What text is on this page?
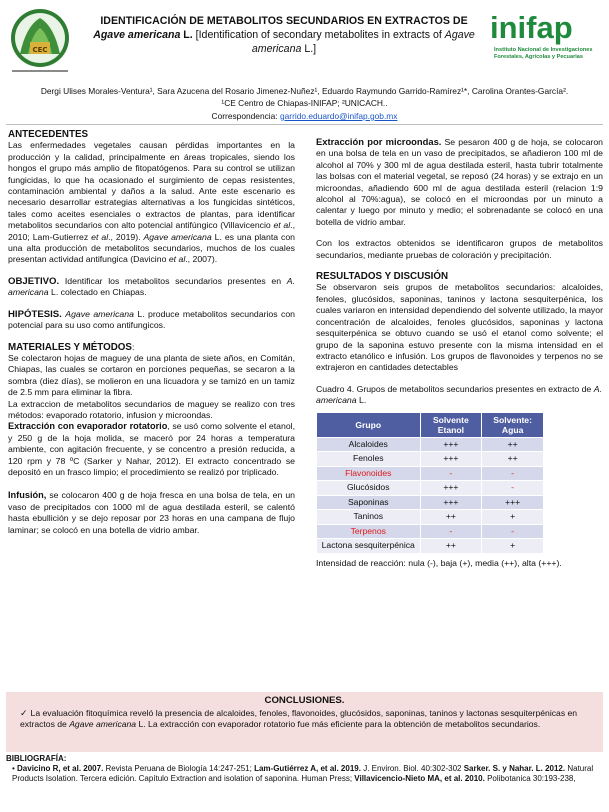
CEC
inifap
Instituto Nacional de Investigaciones
Forestales, Agrícolas y Pecuarias
IDENTIFICACIÓN DE METABOLITOS SECUNDARIOS EN EXTRACTOS DE Agave americana L. [Identification of secondary metabolites in extracts of Agave americana L.]
Dergi Ulises Morales-Ventura¹, Sara Azucena del Rosario Jimenez-Nuñez¹, Eduardo Raymundo Garrido-Ramírez¹*, Carolina Orantes-García².
¹CE Centro de Chiapas-INIFAP; ²UNICACH..
Correspondencia: garrido.eduardo@inifap.gob.mx
ANTECEDENTES
Las enfermedades vegetales causan pérdidas importantes en la producción y la calidad, principalmente en áreas tropicales, siendo los hongos el grupo más amplio de fitopatógenos. Para su control se utilizan fungicidas, lo que ha ocasionado el surgimiento de cepas resistentes, contaminación ambiental y daños a la salud. Ante este escenario es necesario desarrollar estrategias alternativas a los fungicidas sintéticos, tales como aceites esenciales o extractos de plantas, para identificar metabolitos secundarios con alto potencial antifúngico (Villavicencio et al., 2010; Lam-Gutierrez et al., 2019). Agave americana L. es una planta con una alta producción de metabolitos secundarios, muchos de los cuales presentan actividad antifungica (Davicino et al., 2007).
OBJETIVO. Identificar los metabolitos secundarios presentes en A. americana L. colectado en Chiapas.
HIPÓTESIS. Agave americana L. produce metabolitos secundarios con potencial para su uso como antifungicos.
MATERIALES Y MÉTODOS:
Se colectaron hojas de maguey de una planta de siete años, en Comitán, Chiapas, las cuales se cortaron en porciones pequeñas, se secaron a la sombra (diez días), se molieron en una licuadora y se tamizó en un tamiz de 2.5 mm para eliminar la fibra.
La extraccion de metabolitos secundarios de maguey se realizo con tres métodos: evaporado rotatorio, infusion y microondas.
Extracción con evaporador rotatorio, se usó como solvente el etanol, y 250 g de la hoja molida, se maceró por 24 horas a temperatura ambiente, con agitación frecuente, y se concentro a presión reducida, a 120 rpm y 78 ºC (Sarker y Nahar, 2012). El extracto concentrado se depositó en un frasco limpio; el procedimiento se realizó por triplicado.
Infusión, se colocaron 400 g de hoja fresca en una bolsa de tela, en un vaso de precipitados con 1000 ml de agua destilada esteril, se calentó hasta ebullición y se dejo reposar por 23 horas en una campana de flujo laminar; se colocó en una botella de vidrio ambar.
Extracción por microondas. Se pesaron 400 g de hoja, se colocaron en una bolsa de tela en un vaso de precipitados, se añadieron 100 ml de alcohol al 70% y 300 ml de agua destilada esteril, hasta tubrir totalmente las bolsas con el material vegetal, se reposó (24 horas) y se extrajo en un microondas, añadiendo 600 ml de agua destilada esteril (relacion 1:9 alcohol al 70%:agua), se colocó en el microondas por un minuto a calentar y luego por minuto y medio; el sobrenadante se colocó en una botella de vidrio ambar.
Con los extractos obtenidos se identificaron grupos de metabolitos secundarios, mediante pruebas de coloración y precipitación.
RESULTADOS Y DISCUSIÓN
Se observaron seis grupos de metabolitos secundarios: alcaloides, fenoles, glucósidos, saponinas, taninos y lactona sesquiterpénica, los cuales variaron en intensidad dependiendo del solvente utilizado, la mayor concentración de alcaloides, fenoles glucósidos, saponinas y lactona sesquiterpénica se obtuvo cuando se usó el etanol como solvente; el grupo de la saponina estuvo presente con la misma intensidad en el extracto etanólico e infusión. Los grupos de flavonoides y terpenos no se extrajeron en cantidades detectables
Cuadro 4. Grupos de metabolitos secundarios presentes en extracto de A. americana L.
Grupo	Solvente Etanol	Solvente: Agua
Alcaloides	+++	++
Fenoles	+++	++
Flavonoides	-	-
Glucósidos	+++	-
Saponinas	+++	+++
Taninos	++	+
Terpenos	-	-
Lactona sesquiterpénica	++	+
Intensidad de reacción: nula (-), baja (+), media (++), alta (+++).
CONCLUSIONES.
✓ La evaluación fitoquímica reveló la presencia de alcaloides, fenoles, flavonoides, glucósidos, saponinas, taninos y lactonas sesquiterpénicas en extractos de Agave americana L. La extracción con evaporador rotatorio fue más eficiente para la obtención de metabolitos secundarios.
BIBLIOGRAFÍA:
• Davicino R, et al. 2007. Revista Peruana de Biología 14:247-251; Lam-Gutiérrez A, et al. 2019. J. Environ. Biol. 40:302-302 Sarker. S. y Nahar. L. 2012. Natural Products Isolation. Tercera edición. Capítulo Extraction and isolation of saponina. Human Press; Villavicencio-Nieto MA, et al. 2010. Polibotanica 30:193-238,
